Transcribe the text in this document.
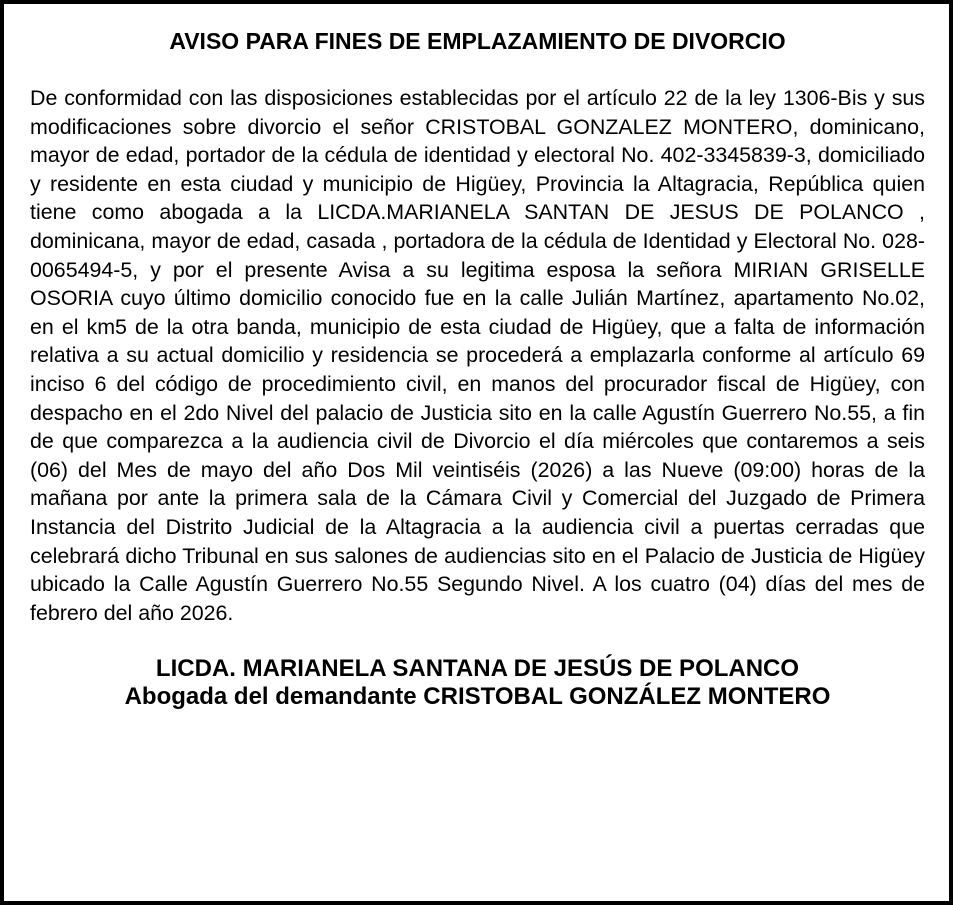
AVISO PARA FINES DE EMPLAZAMIENTO DE DIVORCIO

De conformidad con las disposiciones establecidas por el artículo 22 de la ley 1306-Bis y sus modificaciones sobre divorcio el señor CRISTOBAL GONZALEZ MONTERO, dominicano, mayor de edad, portador de la cédula de identidad y electoral No. 402-3345839-3, domiciliado y residente en esta ciudad y municipio de Higüey, Provincia la Altagracia, República quien tiene como abogada a la LICDA.MARIANELA SANTAN DE JESUS DE POLANCO , dominicana, mayor de edad, casada , portadora de la cédula de Identidad y Electoral No. 028-0065494-5, y por el presente Avisa a su legitima esposa la señora MIRIAN GRISELLE OSORIA cuyo último domicilio conocido fue en la calle Julián Martínez, apartamento No.02, en el km5 de la otra banda, municipio de esta ciudad de Higüey, que a falta de información relativa a su actual domicilio y residencia se procederá a emplazarla conforme al artículo 69 inciso 6 del código de procedimiento civil, en manos del procurador fiscal de Higüey, con despacho en el 2do Nivel del palacio de Justicia sito en la calle Agustín Guerrero No.55, a fin de que comparezca a la audiencia civil de Divorcio el día miércoles que contaremos a seis (06) del Mes de mayo del año Dos Mil veintiséis (2026) a las Nueve (09:00) horas de la mañana por ante la primera sala de la Cámara Civil y Comercial del Juzgado de Primera Instancia del Distrito Judicial de la Altagracia a la audiencia civil a puertas cerradas que celebrará dicho Tribunal en sus salones de audiencias sito en el Palacio de Justicia de Higüey ubicado la Calle Agustín Guerrero No.55 Segundo Nivel. A los cuatro (04) días del mes de febrero del año 2026.

LICDA. MARIANELA SANTANA DE JESÚS DE POLANCO
Abogada del demandante CRISTOBAL GONZÁLEZ MONTERO
